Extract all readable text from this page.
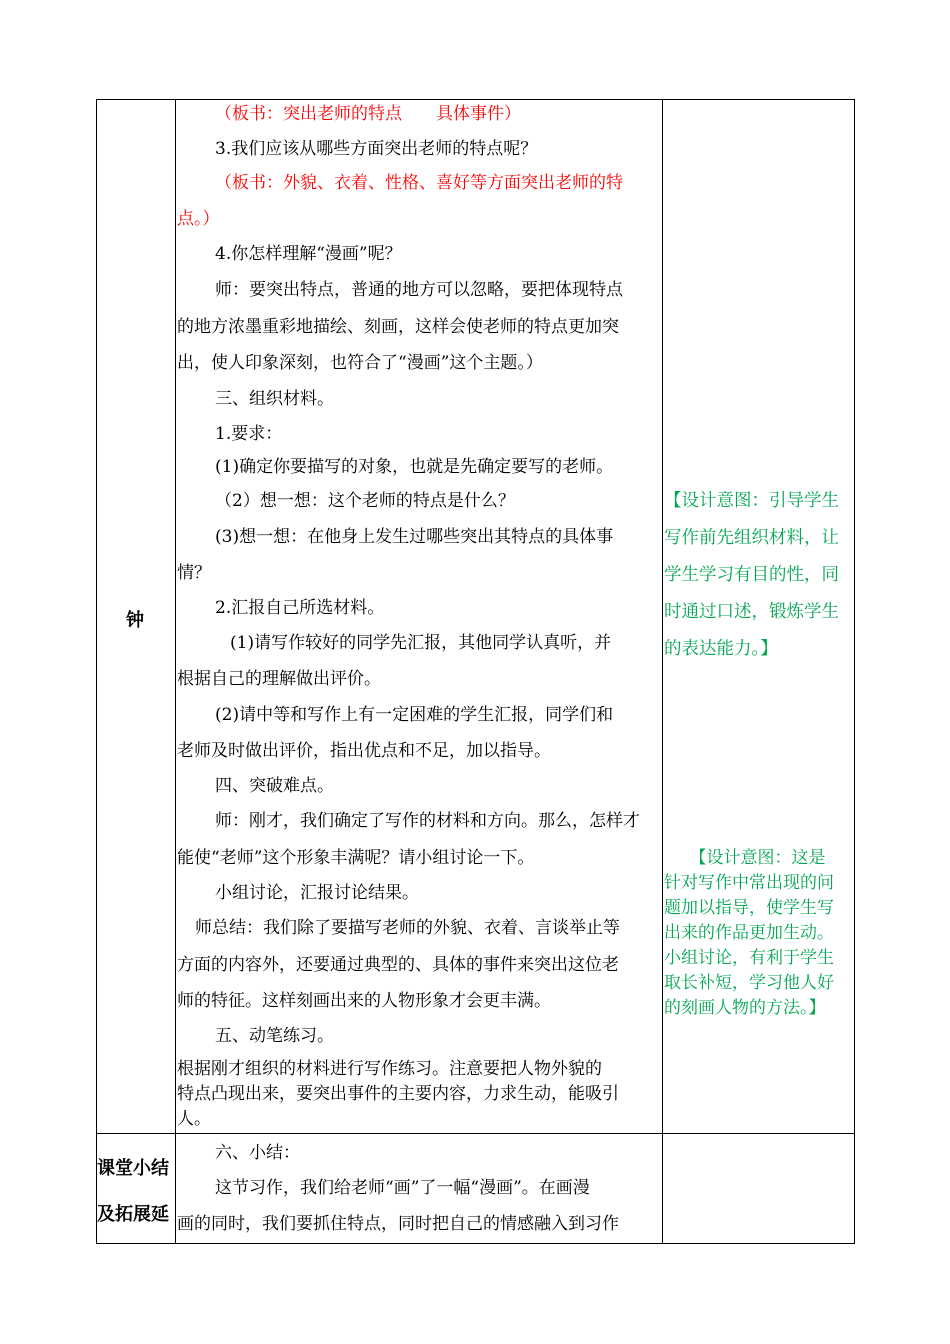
钟
课堂小结
及拓展延
（板书：突出老师的特点　　具体事件）
3.我们应该从哪些方面突出老师的特点呢？
（板书：外貌、衣着、性格、喜好等方面突出老师的特
点。）
4.你怎样理解“漫画”呢？
师：要突出特点，普通的地方可以忽略，要把体现特点
的地方浓墨重彩地描绘、刻画，这样会使老师的特点更加突
出，使人印象深刻，也符合了“漫画”这个主题。）
三、组织材料。
1.要求：
(1)确定你要描写的对象，也就是先确定要写的老师。
（2）想一想：这个老师的特点是什么？
(3)想一想：在他身上发生过哪些突出其特点的具体事
情？
2.汇报自己所选材料。
(1)请写作较好的同学先汇报，其他同学认真听，并
根据自己的理解做出评价。
(2)请中等和写作上有一定困难的学生汇报，同学们和
老师及时做出评价，指出优点和不足，加以指导。
四、突破难点。
师：刚才，我们确定了写作的材料和方向。那么，怎样才
能使“老师”这个形象丰满呢？请小组讨论一下。
小组讨论，汇报讨论结果。
师总结：我们除了要描写老师的外貌、衣着、言谈举止等
方面的内容外，还要通过典型的、具体的事件来突出这位老
师的特征。这样刻画出来的人物形象才会更丰满。
五、动笔练习。
根据刚才组织的材料进行写作练习。注意要把人物外貌的
特点凸现出来，要突出事件的主要内容，力求生动，能吸引
人。
六、小结：
这节习作，我们给老师“画”了一幅“漫画”。在画漫
画的同时，我们要抓住特点，同时把自己的情感融入到习作
【设计意图：引导学生
写作前先组织材料，让
学生学习有目的性，同
时通过口述，锻炼学生
的表达能力。】
　　【设计意图：这是
针对写作中常出现的问
题加以指导，使学生写
出来的作品更加生动。
小组讨论，有利于学生
取长补短，学习他人好
的刻画人物的方法。】
